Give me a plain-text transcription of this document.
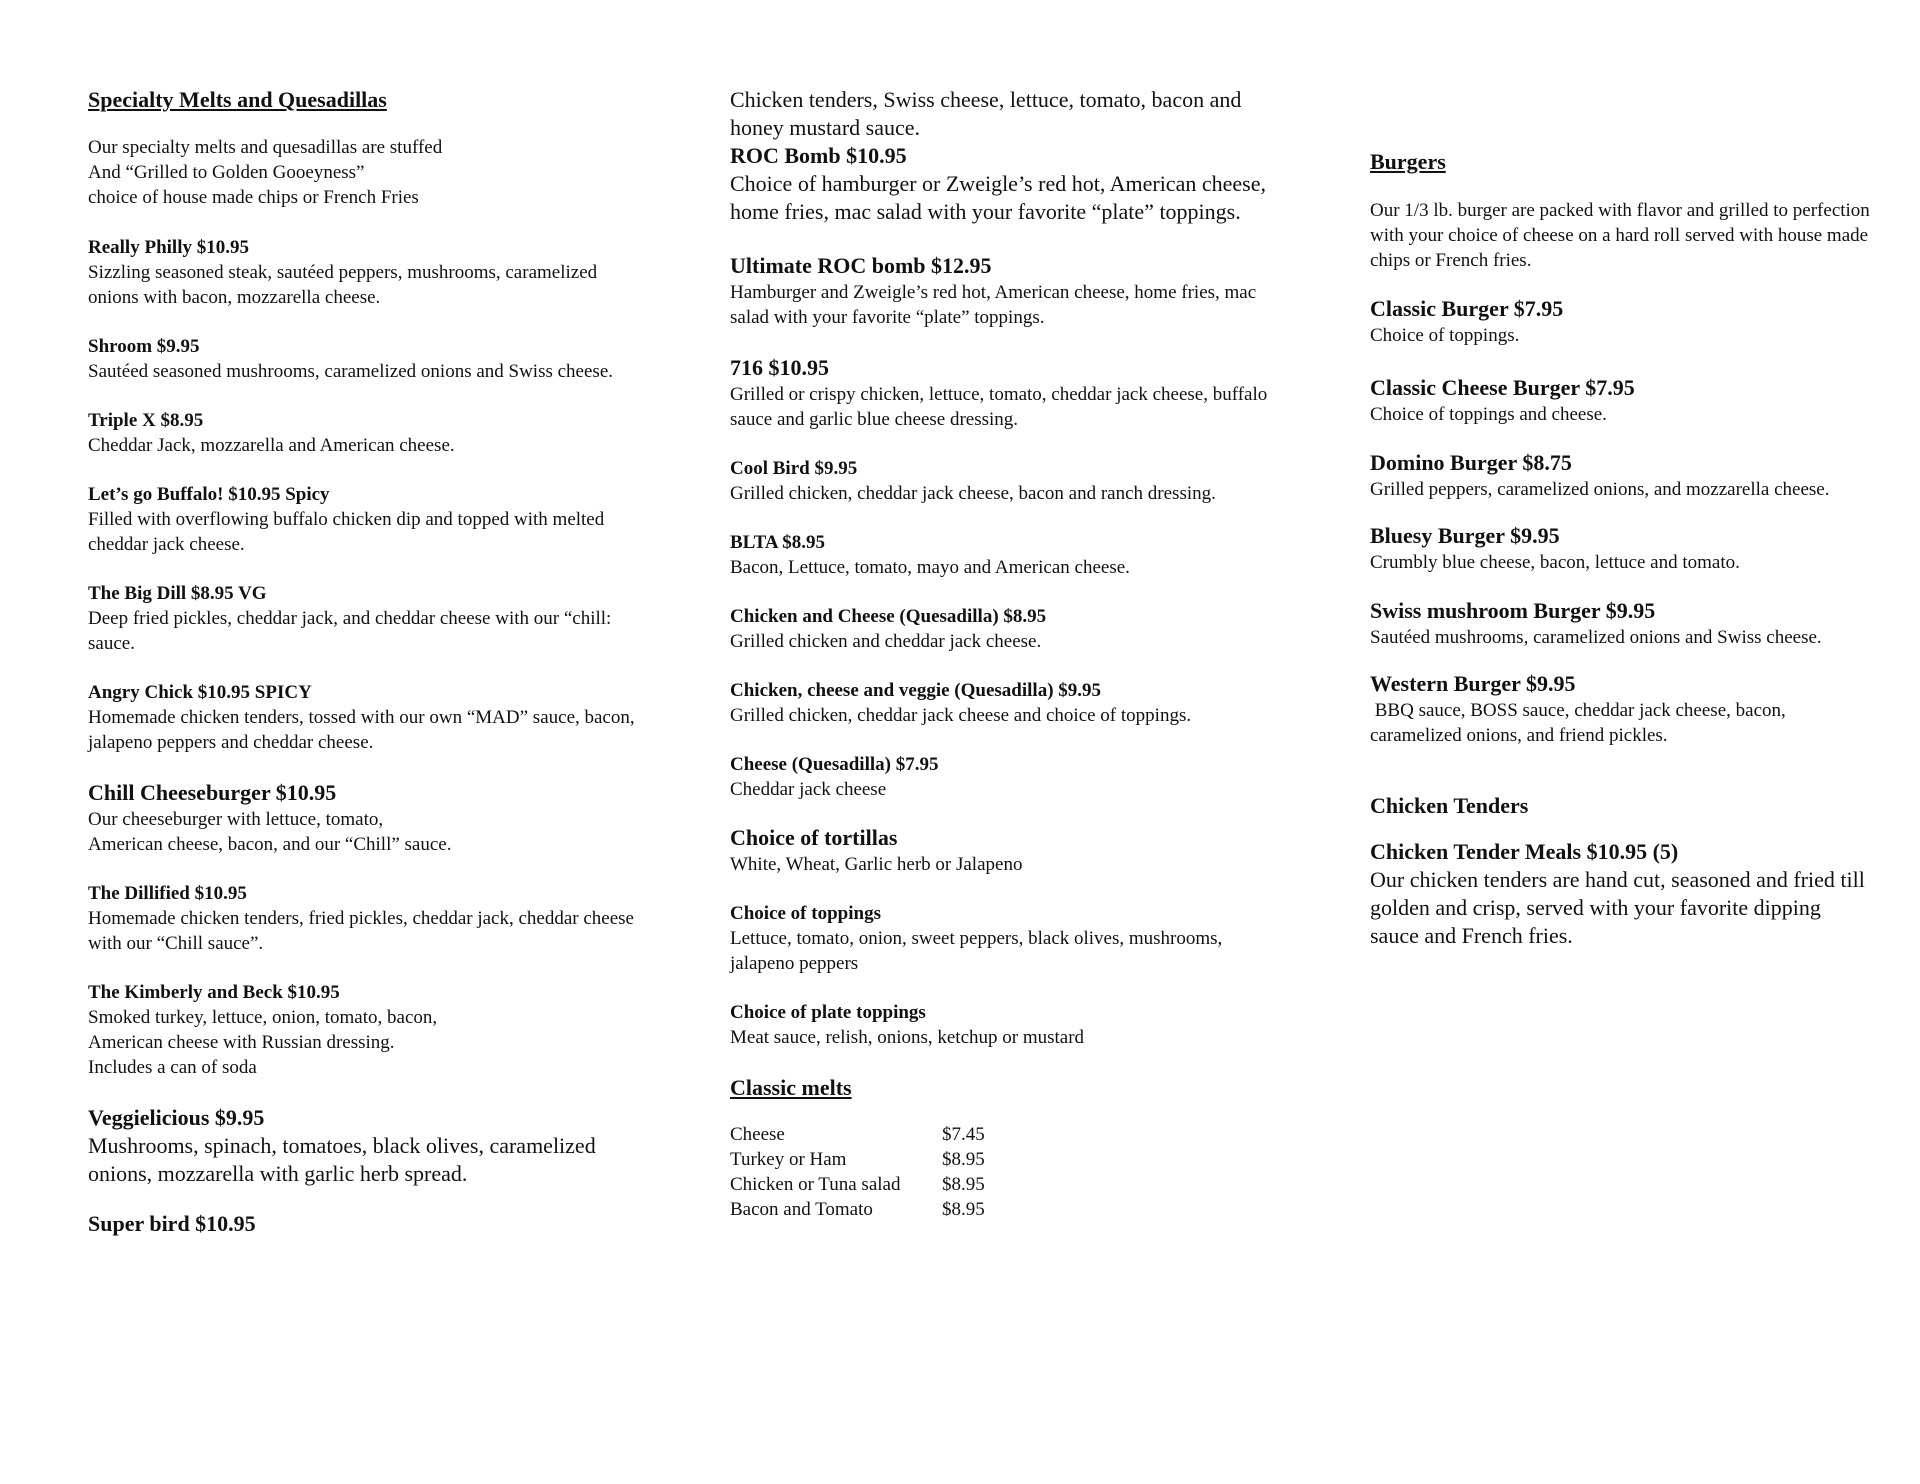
Specialty Melts and Quesadillas

Our specialty melts and quesadillas are stuffed
And “Grilled to Golden Gooeyness”
choice of house made chips or French Fries

Really Philly $10.95
Sizzling seasoned steak, sautéed peppers, mushrooms, caramelized onions with bacon, mozzarella cheese.
Shroom $9.95
Sautéed seasoned mushrooms, caramelized onions and Swiss cheese.
Triple X $8.95
Cheddar Jack, mozzarella and American cheese.
Let’s go Buffalo! $10.95 Spicy
Filled with overflowing buffalo chicken dip and topped with melted cheddar jack cheese.
The Big Dill $8.95 VG
Deep fried pickles, cheddar jack, and cheddar cheese with our “chill: sauce.
Angry Chick $10.95 SPICY
Homemade chicken tenders, tossed with our own “MAD” sauce, bacon, jalapeno peppers and cheddar cheese.
Chill Cheeseburger $10.95
Our cheeseburger with lettuce, tomato,
American cheese, bacon, and our “Chill” sauce.
The Dillified $10.95
Homemade chicken tenders, fried pickles, cheddar jack, cheddar cheese with our “Chill sauce”.
The Kimberly and Beck $10.95
Smoked turkey, lettuce, onion, tomato, bacon,
American cheese with Russian dressing.
Includes a can of soda
Veggielicious $9.95
Mushrooms, spinach, tomatoes, black olives, caramelized onions, mozzarella with garlic herb spread.
Super bird $10.95

Chicken tenders, Swiss cheese, lettuce, tomato, bacon and honey mustard sauce.

ROC Bomb $10.95
Choice of hamburger or Zweigle’s red hot, American cheese, home fries, mac salad with your favorite “plate” toppings.
Ultimate ROC bomb $12.95
Hamburger and Zweigle’s red hot, American cheese, home fries, mac salad with your favorite “plate” toppings.
716 $10.95
Grilled or crispy chicken, lettuce, tomato, cheddar jack cheese, buffalo sauce and garlic blue cheese dressing.
Cool Bird $9.95
Grilled chicken, cheddar jack cheese, bacon and ranch dressing.
BLTA $8.95
Bacon, Lettuce, tomato, mayo and American cheese.
Chicken and Cheese (Quesadilla) $8.95
Grilled chicken and cheddar jack cheese.
Chicken, cheese and veggie (Quesadilla) $9.95
Grilled chicken, cheddar jack cheese and choice of toppings.
Cheese (Quesadilla) $7.95
Cheddar jack cheese
Choice of tortillas
White, Wheat, Garlic herb or Jalapeno
Choice of toppings
Lettuce, tomato, onion, sweet peppers, black olives, mushrooms, jalapeno peppers
Choice of plate toppings
Meat sauce, relish, onions, ketchup or mustard

Classic melts

Cheese	$7.45
Turkey or Ham	$8.95
Chicken or Tuna salad	$8.95
Bacon and Tomato	$8.95

Burgers

Our 1/3 lb. burger are packed with flavor and grilled to perfection with your choice of cheese on a hard roll served with house made chips or French fries.

Classic Burger $7.95
Choice of toppings.
Classic Cheese Burger $7.95
Choice of toppings and cheese.
Domino Burger $8.75
Grilled peppers, caramelized onions, and mozzarella cheese.
Bluesy Burger $9.95
Crumbly blue cheese, bacon, lettuce and tomato.
Swiss mushroom Burger $9.95
Sautéed mushrooms, caramelized onions and Swiss cheese.
Western Burger $9.95
BBQ sauce, BOSS sauce, cheddar jack cheese, bacon, caramelized onions, and friend pickles.

Chicken Tenders

Chicken Tender Meals $10.95 (5)
Our chicken tenders are hand cut, seasoned and fried till golden and crisp, served with your favorite dipping sauce and French fries.
